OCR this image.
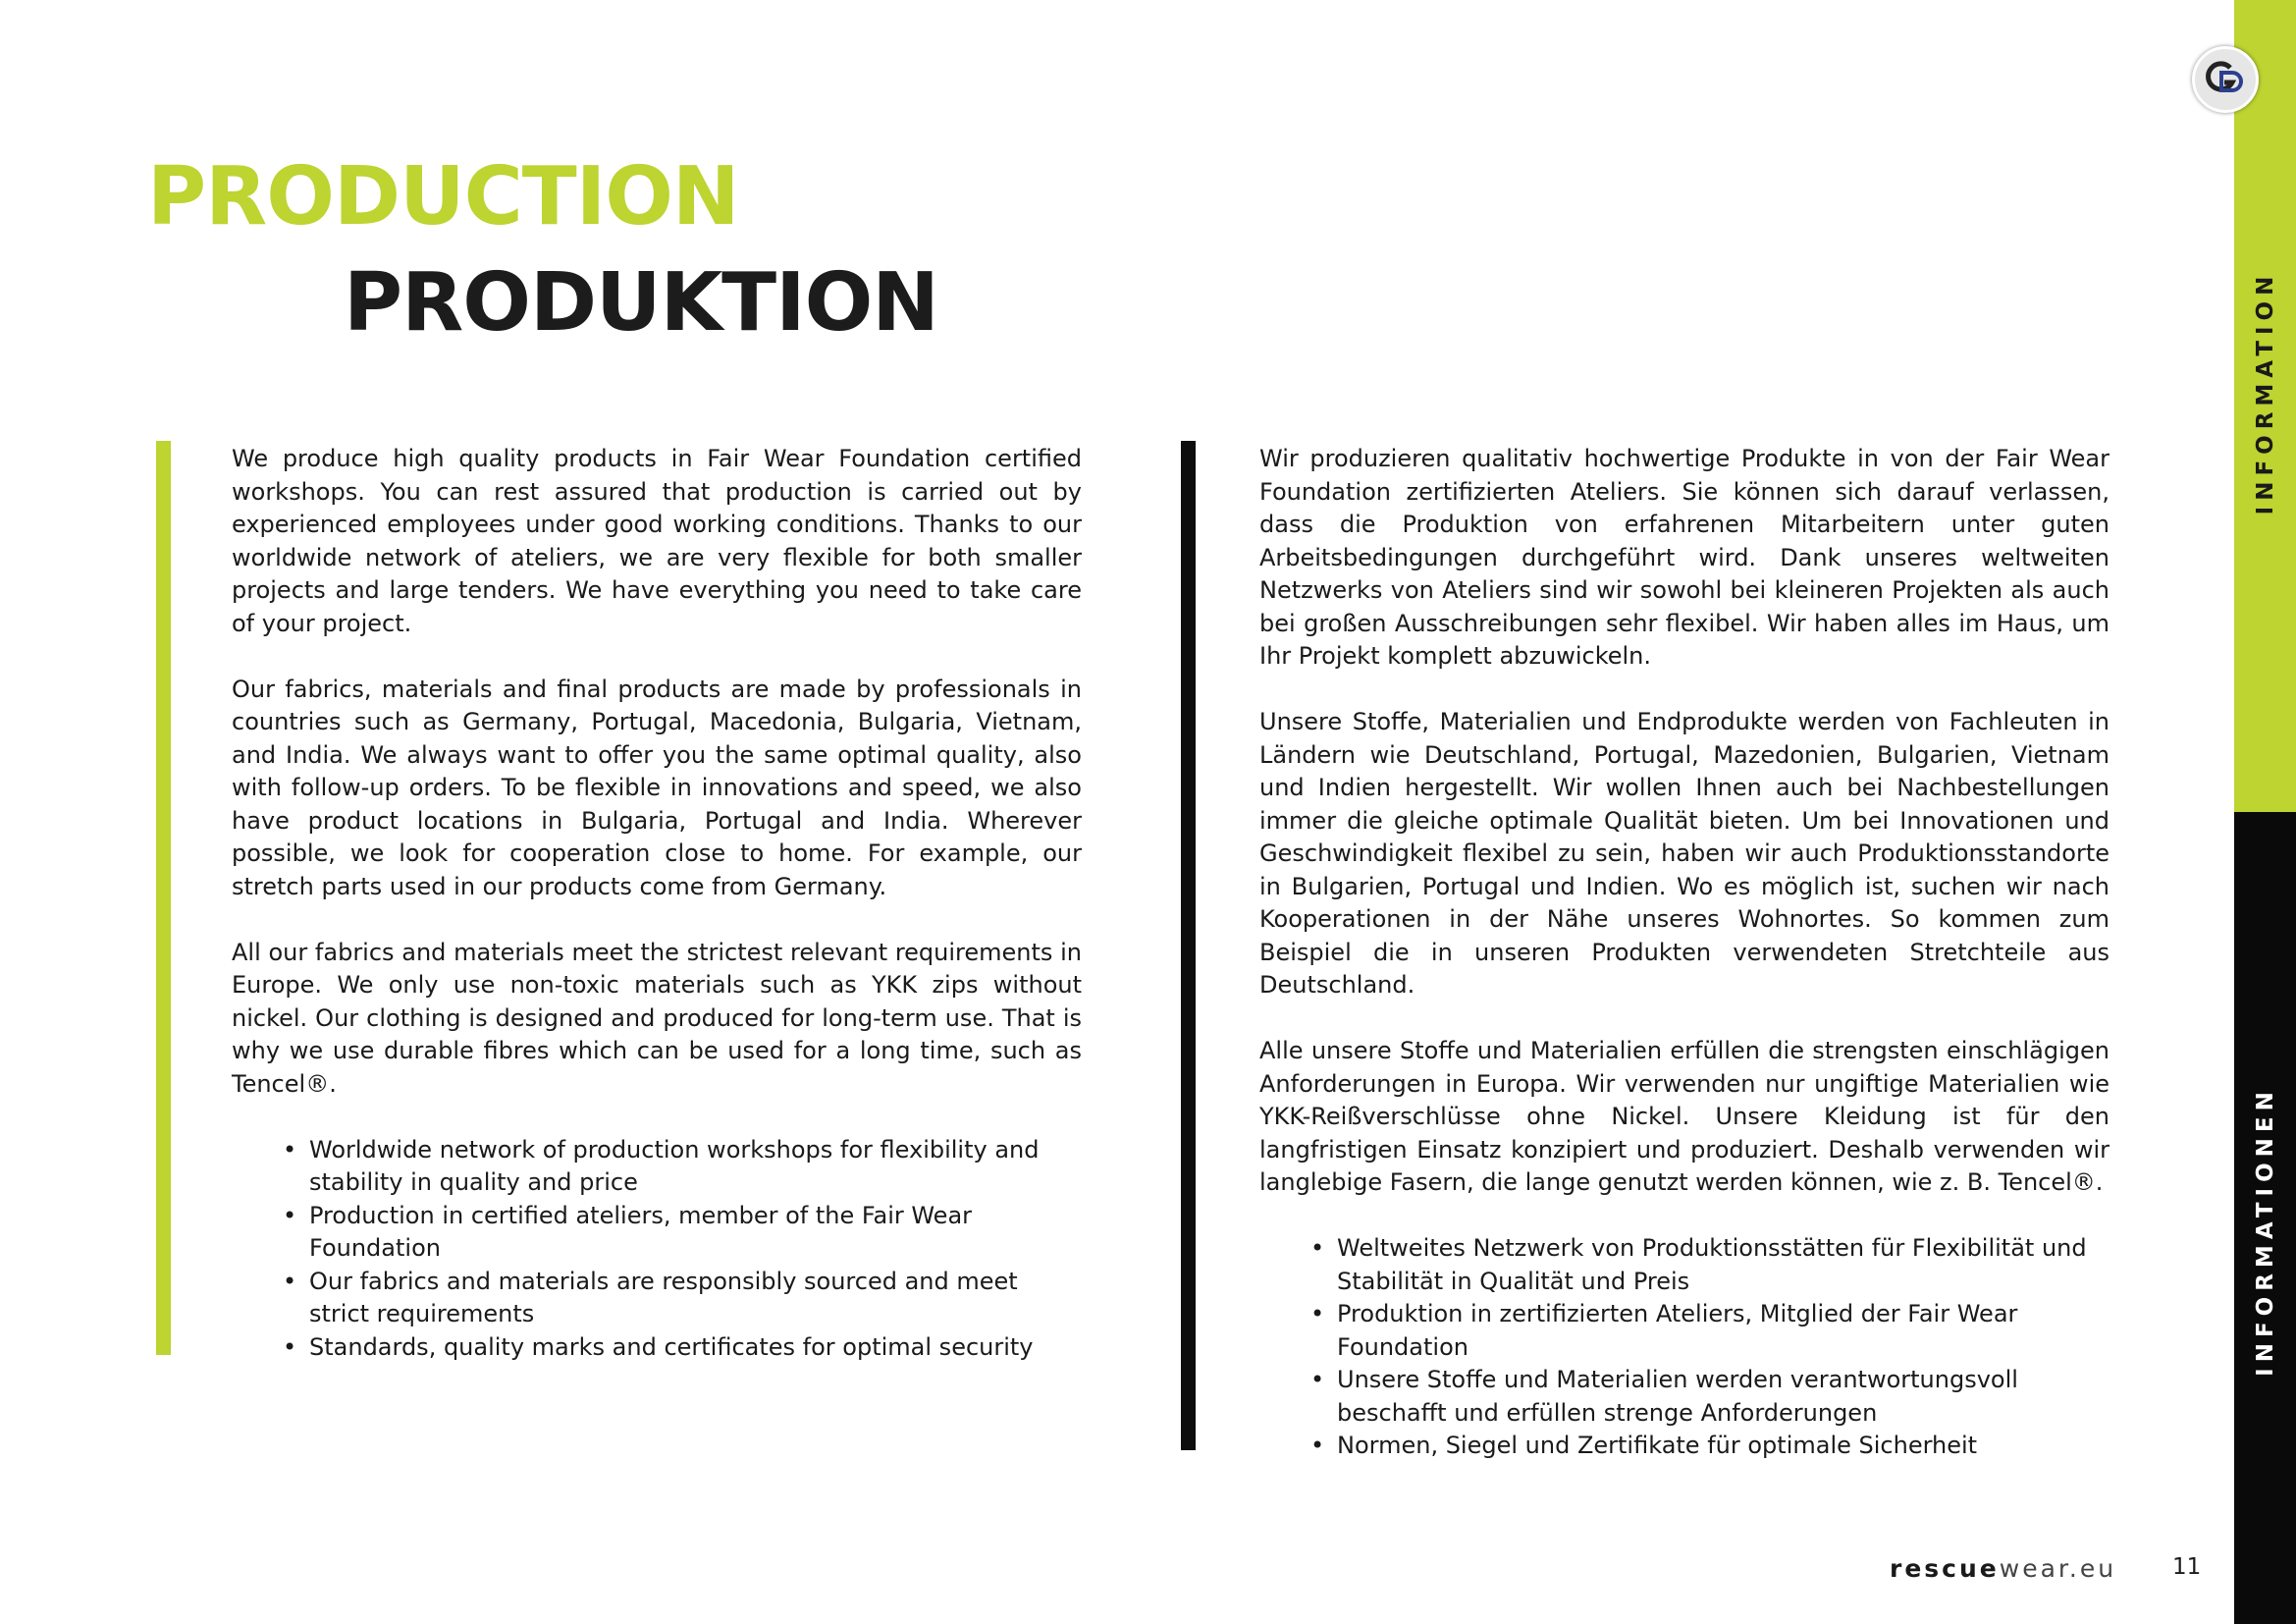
PRODUCTION
PRODUKTION

We produce high quality products in Fair Wear Foundation certified workshops. You can rest assured that production is carried out by experienced employees under good working conditions. Thanks to our worldwide network of ateliers, we are very flexible for both smaller projects and large tenders. We have everything you need to take care of your project.

Our fabrics, materials and final products are made by professionals in countries such as Germany, Portugal, Macedonia, Bulgaria, Vietnam, and India. We always want to offer you the same optimal quality, also with follow-up orders. To be flexible in innovations and speed, we also have product locations in Bulgaria, Portugal and India. Wherever possible, we look for cooperation close to home. For example, our stretch parts used in our products come from Germany.

All our fabrics and materials meet the strictest relevant requirements in Europe. We only use non-toxic materials such as YKK zips without nickel. Our clothing is designed and produced for long-term use. That is why we use durable fibres which can be used for a long time, such as Tencel®.

• Worldwide network of production workshops for flexibility and stability in quality and price
• Production in certified ateliers, member of the Fair Wear Foundation
• Our fabrics and materials are responsibly sourced and meet strict requirements
• Standards, quality marks and certificates for optimal security

Wir produzieren qualitativ hochwertige Produkte in von der Fair Wear Foundation zertifizierten Ateliers. Sie können sich darauf verlassen, dass die Produktion von erfahrenen Mitarbeitern unter guten Arbeitsbedingungen durchgeführt wird. Dank unseres weltweiten Netzwerks von Ateliers sind wir sowohl bei kleineren Projekten als auch bei großen Ausschreibungen sehr flexibel. Wir haben alles im Haus, um Ihr Projekt komplett abzuwickeln.

Unsere Stoffe, Materialien und Endprodukte werden von Fachleuten in Ländern wie Deutschland, Portugal, Mazedonien, Bulgarien, Vietnam und Indien hergestellt. Wir wollen Ihnen auch bei Nachbestellungen immer die gleiche optimale Qualität bieten. Um bei Innovationen und Geschwindigkeit flexibel zu sein, haben wir auch Produktionsstandorte in Bulgarien, Portugal und Indien. Wo es möglich ist, suchen wir nach Kooperationen in der Nähe unseres Wohnortes. So kommen zum Beispiel die in unseren Produkten verwendeten Stretchteile aus Deutschland.

Alle unsere Stoffe und Materialien erfüllen die strengsten einschlägigen Anforderungen in Europa. Wir verwenden nur ungiftige Materialien wie YKK-Reißverschlüsse ohne Nickel. Unsere Kleidung ist für den langfristigen Einsatz konzipiert und produziert. Deshalb verwenden wir langlebige Fasern, die lange genutzt werden können, wie z. B. Tencel®.

• Weltweites Netzwerk von Produktionsstätten für Flexibilität und Stabilität in Qualität und Preis
• Produktion in zertifizierten Ateliers, Mitglied der Fair Wear Foundation
• Unsere Stoffe und Materialien werden verantwortungsvoll beschafft und erfüllen strenge Anforderungen
• Normen, Siegel und Zertifikate für optimale Sicherheit
INFORMATION
INFORMATIONEN
rescuewear.eu 11
